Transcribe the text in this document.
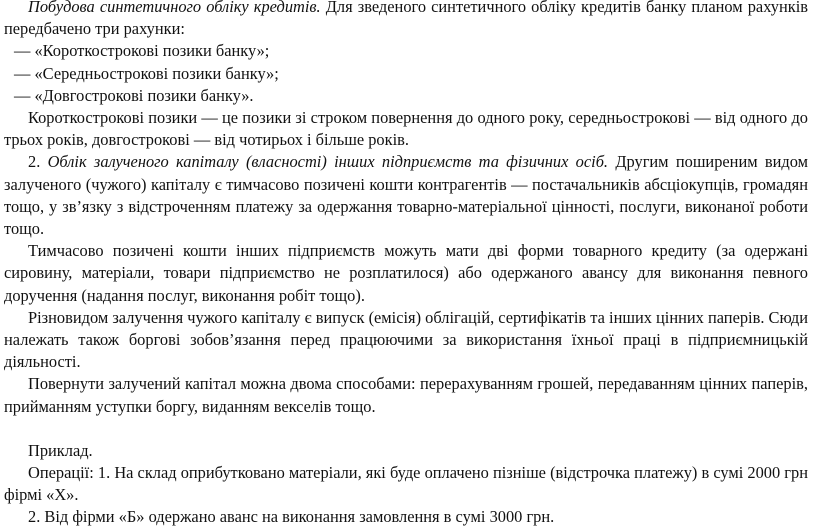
Побудова синтетичного обліку кредитів. Для зведеного синтетичного обліку кредитів банку планом рахунків передбачено три рахунки:

— «Короткострокові позики банку»;

— «Середньострокові позики банку»;

— «Довгострокові позики банку».

Короткострокові позики — це позики зі строком повернення до одного року, середньострокові — від одного до трьох років, довгострокові — від чотирьох і більше років.

2. Облік залученого капіталу (власності) інших підприємств та фізичних осіб. Другим поширеним видом залученого (чужого) капіталу є тимчасово позичені кошти контрагентів — постачальників абсціокупців, громадян тощо, у зв’язку з відстроченням платежу за одержання товарно-матеріальної цінності, послуги, виконаної роботи тощо.

Тимчасово позичені кошти інших підприємств можуть мати дві форми товарного кредиту (за одержані сировину, матеріали, товари підприємство не розплатилося) або одержаного авансу для виконання певного доручення (надання послуг, виконання робіт тощо).

Різновидом залучення чужого капіталу є випуск (емісія) облігацій, сертифікатів та інших цінних паперів. Сюди належать також боргові зобов’язання перед працюючими за використання їхньої праці в підприємницькій діяльності.

Повернути залучений капітал можна двома способами: перерахуванням грошей, передаванням цінних паперів, прийманням уступки боргу, виданням векселів тощо.

Приклад.

Операції: 1. На склад оприбутковано матеріали, які буде оплачено пізніше (відстрочка платежу) в сумі 2000 грн фірмі «Х».

2. Від фірми «Б» одержано аванс на виконання замовлення в сумі 3000 грн.
